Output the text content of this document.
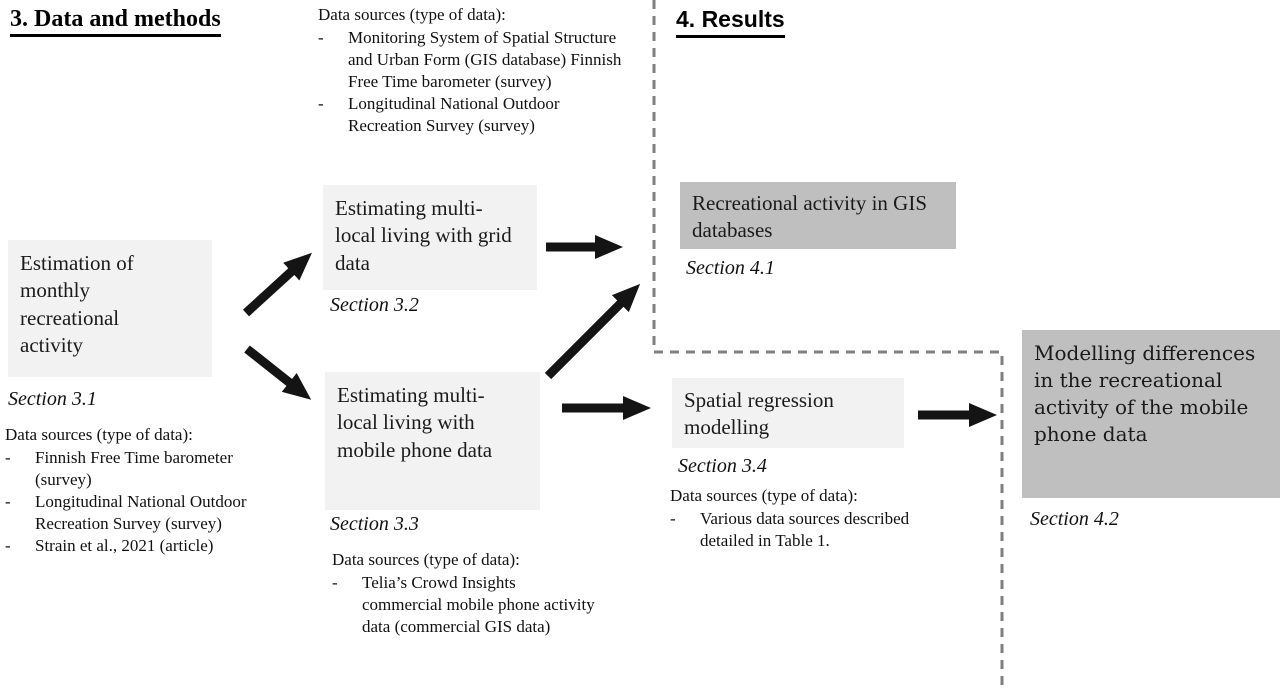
3. Data and methods	4. Results
Data sources (type of data):
-	Monitoring System of Spatial Structure and Urban Form (GIS database) Finnish Free Time barometer (survey)
-	Longitudinal National Outdoor Recreation Survey (survey)
Estimation of monthly recreational activity
Section 3.1
Data sources (type of data):
-	Finnish Free Time barometer (survey)
-	Longitudinal National Outdoor Recreation Survey (survey)
-	Strain et al., 2021 (article)
Estimating multi-local living with grid data
Section 3.2
Estimating multi-local living with mobile phone data
Section 3.3
Data sources (type of data):
-	Telia’s Crowd Insights commercial mobile phone activity data (commercial GIS data)
Recreational activity in GIS databases
Section 4.1
Spatial regression modelling
Section 3.4
Data sources (type of data):
-	Various data sources described detailed in Table 1.
Modelling differences in the recreational activity of the mobile phone data
Section 4.2
